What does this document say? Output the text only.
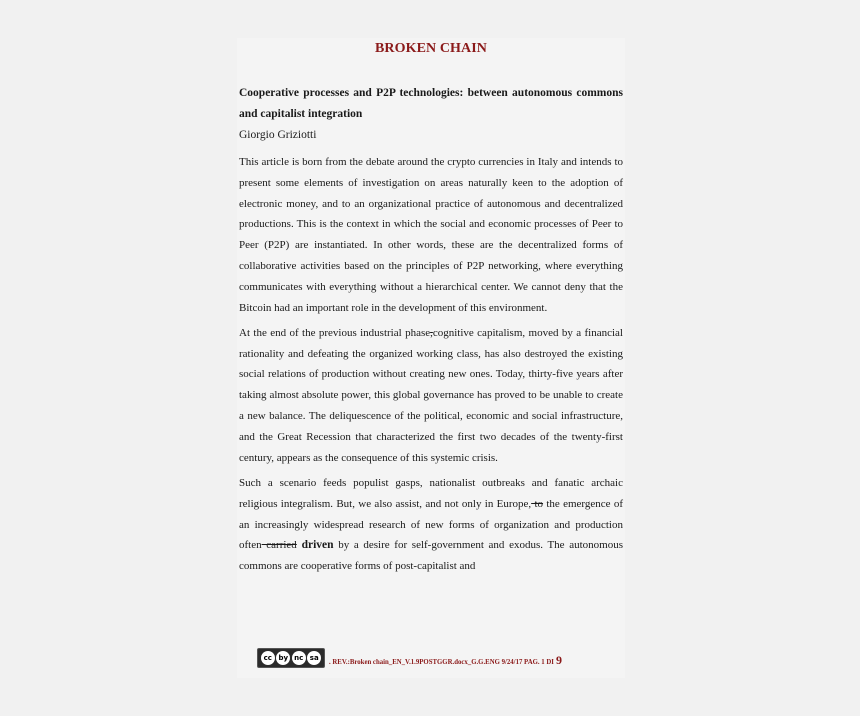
BROKEN CHAIN
Cooperative processes and P2P technologies: between autonomous commons and capitalist integration
Giorgio Griziotti

This article is born from the debate around the crypto currencies in Italy and intends to present some elements of investigation on areas naturally keen to the adoption of electronic money, and to an organizational practice of autonomous and decentralized productions. This is the context in which the social and economic processes of Peer to Peer (P2P) are instantiated. In other words, these are the decentralized forms of collaborative activities based on the principles of P2P networking, where everything communicates with everything without a hierarchical center. We cannot deny that the Bitcoin had an important role in the development of this environment.

At the end of the previous industrial phase,cognitive capitalism, moved by a financial rationality and defeating the organized working class, has also destroyed the existing social relations of production without creating new ones. Today, thirty-five years after taking almost absolute power, this global governance has proved to be unable to create a new balance. The deliquescence of the political, economic and social infrastructure, and the Great Recession that characterized the first two decades of the twenty-first century, appears as the consequence of this systemic crisis.

Such a scenario feeds populist gasps, nationalist outbreaks and fanatic archaic religious integralism. But, we also assist, and not only in Europe, to the emergence of an increasingly widespread research of new forms of organization and production often carried driven by a desire for self-government and exodus. The autonomous commons are cooperative forms of post-capitalist and

cc by nc sa
. REV.:Broken chain_EN_V.1.9POSTGGR.docx_G.G.ENG 9/24/17 PAG. 1 DI 9
